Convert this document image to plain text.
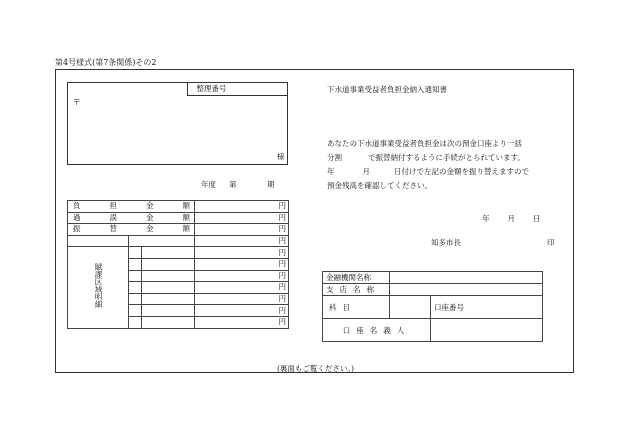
第4号様式(第7条関係)その2
整理番号
〒
様
年度 第	期
負担金額			円
過誤金額			円
振替金額			円
			円
賦課区域明細			円
			円
			円
			円
			円
			円
			円
下水道事業受益者負担金納入通知書
あなたの下水道事業受益者負担金は次の預金口座より一括
分割	で振替納付するように手続がとられています。
年	月	日付けで左記の金額を振り替えますので
預金残高を確認してください。
年 月 日
知多市長	印
金融機関名称		
支店名称		
科目		口座番号
口座名義人		
(裏面もご覧ください。)
